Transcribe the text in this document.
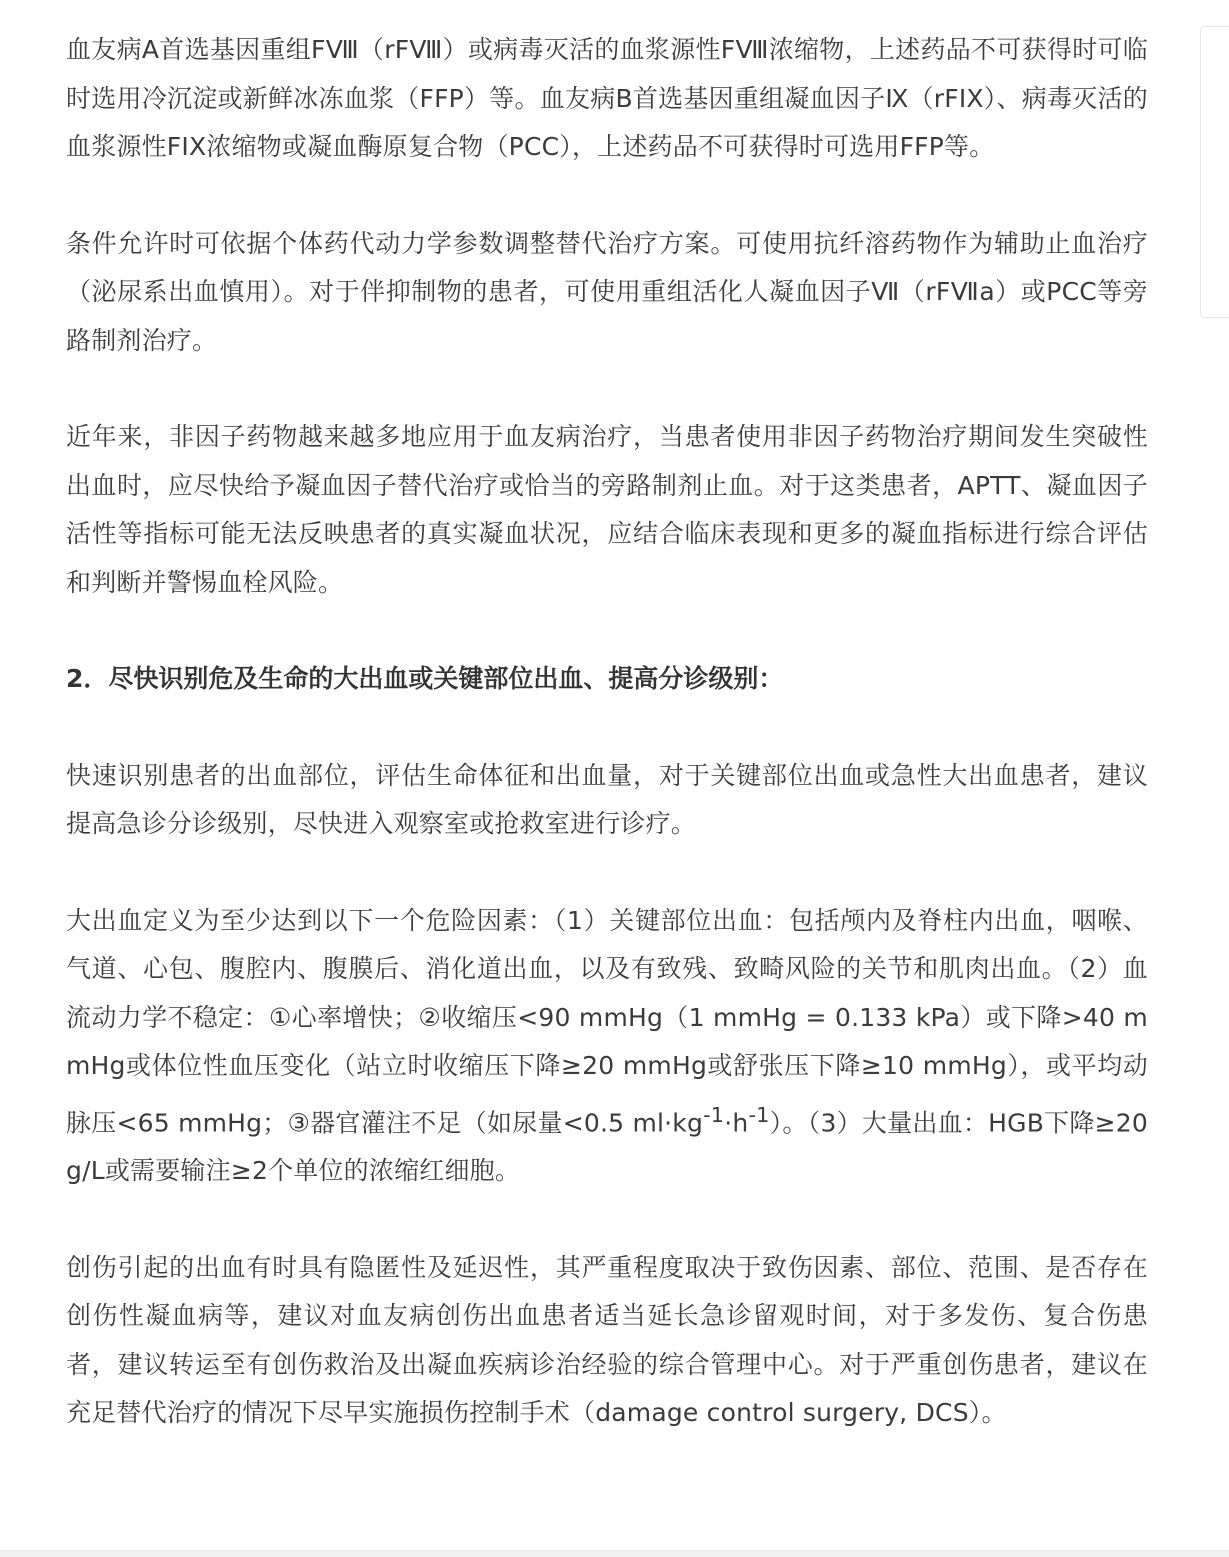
血友病A首选基因重组FⅧ（rFⅧ）或病毒灭活的血浆源性FⅧ浓缩物，上述药品不可获得时可临时选用冷沉淀或新鲜冰冻血浆（FFP）等。血友病B首选基因重组凝血因子Ⅸ（rFIX）、病毒灭活的血浆源性FIX浓缩物或凝血酶原复合物（PCC），上述药品不可获得时可选用FFP等。

条件允许时可依据个体药代动力学参数调整替代治疗方案。可使用抗纤溶药物作为辅助止血治疗（泌尿系出血慎用）。对于伴抑制物的患者，可使用重组活化人凝血因子Ⅶ（rFⅦa）或PCC等旁路制剂治疗。

近年来，非因子药物越来越多地应用于血友病治疗，当患者使用非因子药物治疗期间发生突破性出血时，应尽快给予凝血因子替代治疗或恰当的旁路制剂止血。对于这类患者，APTT、凝血因子活性等指标可能无法反映患者的真实凝血状况，应结合临床表现和更多的凝血指标进行综合评估和判断并警惕血栓风险。

2．尽快识别危及生命的大出血或关键部位出血、提高分诊级别：

快速识别患者的出血部位，评估生命体征和出血量，对于关键部位出血或急性大出血患者，建议提高急诊分诊级别，尽快进入观察室或抢救室进行诊疗。

大出血定义为至少达到以下一个危险因素：（1）关键部位出血：包括颅内及脊柱内出血，咽喉、气道、心包、腹腔内、腹膜后、消化道出血，以及有致残、致畸风险的关节和肌肉出血。（2）血流动力学不稳定：①心率增快；②收缩压<90 mmHg（1 mmHg = 0.133 kPa）或下降>40 mmHg或体位性血压变化（站立时收缩压下降≥20 mmHg或舒张压下降≥10 mmHg），或平均动脉压<65 mmHg；③器官灌注不足（如尿量<0.5 $ml\cdot kg^{-1}\cdot h^{-1}$）。（3）大量出血：HGB下降≥20 g/L或需要输注≥2个单位的浓缩红细胞。

创伤引起的出血有时具有隐匿性及延迟性，其严重程度取决于致伤因素、部位、范围、是否存在创伤性凝血病等，建议对血友病创伤出血患者适当延长急诊留观时间，对于多发伤、复合伤患者，建议转运至有创伤救治及出凝血疾病诊治经验的综合管理中心。对于严重创伤患者，建议在充足替代治疗的情况下尽早实施损伤控制手术（damage control surgery, DCS）。
